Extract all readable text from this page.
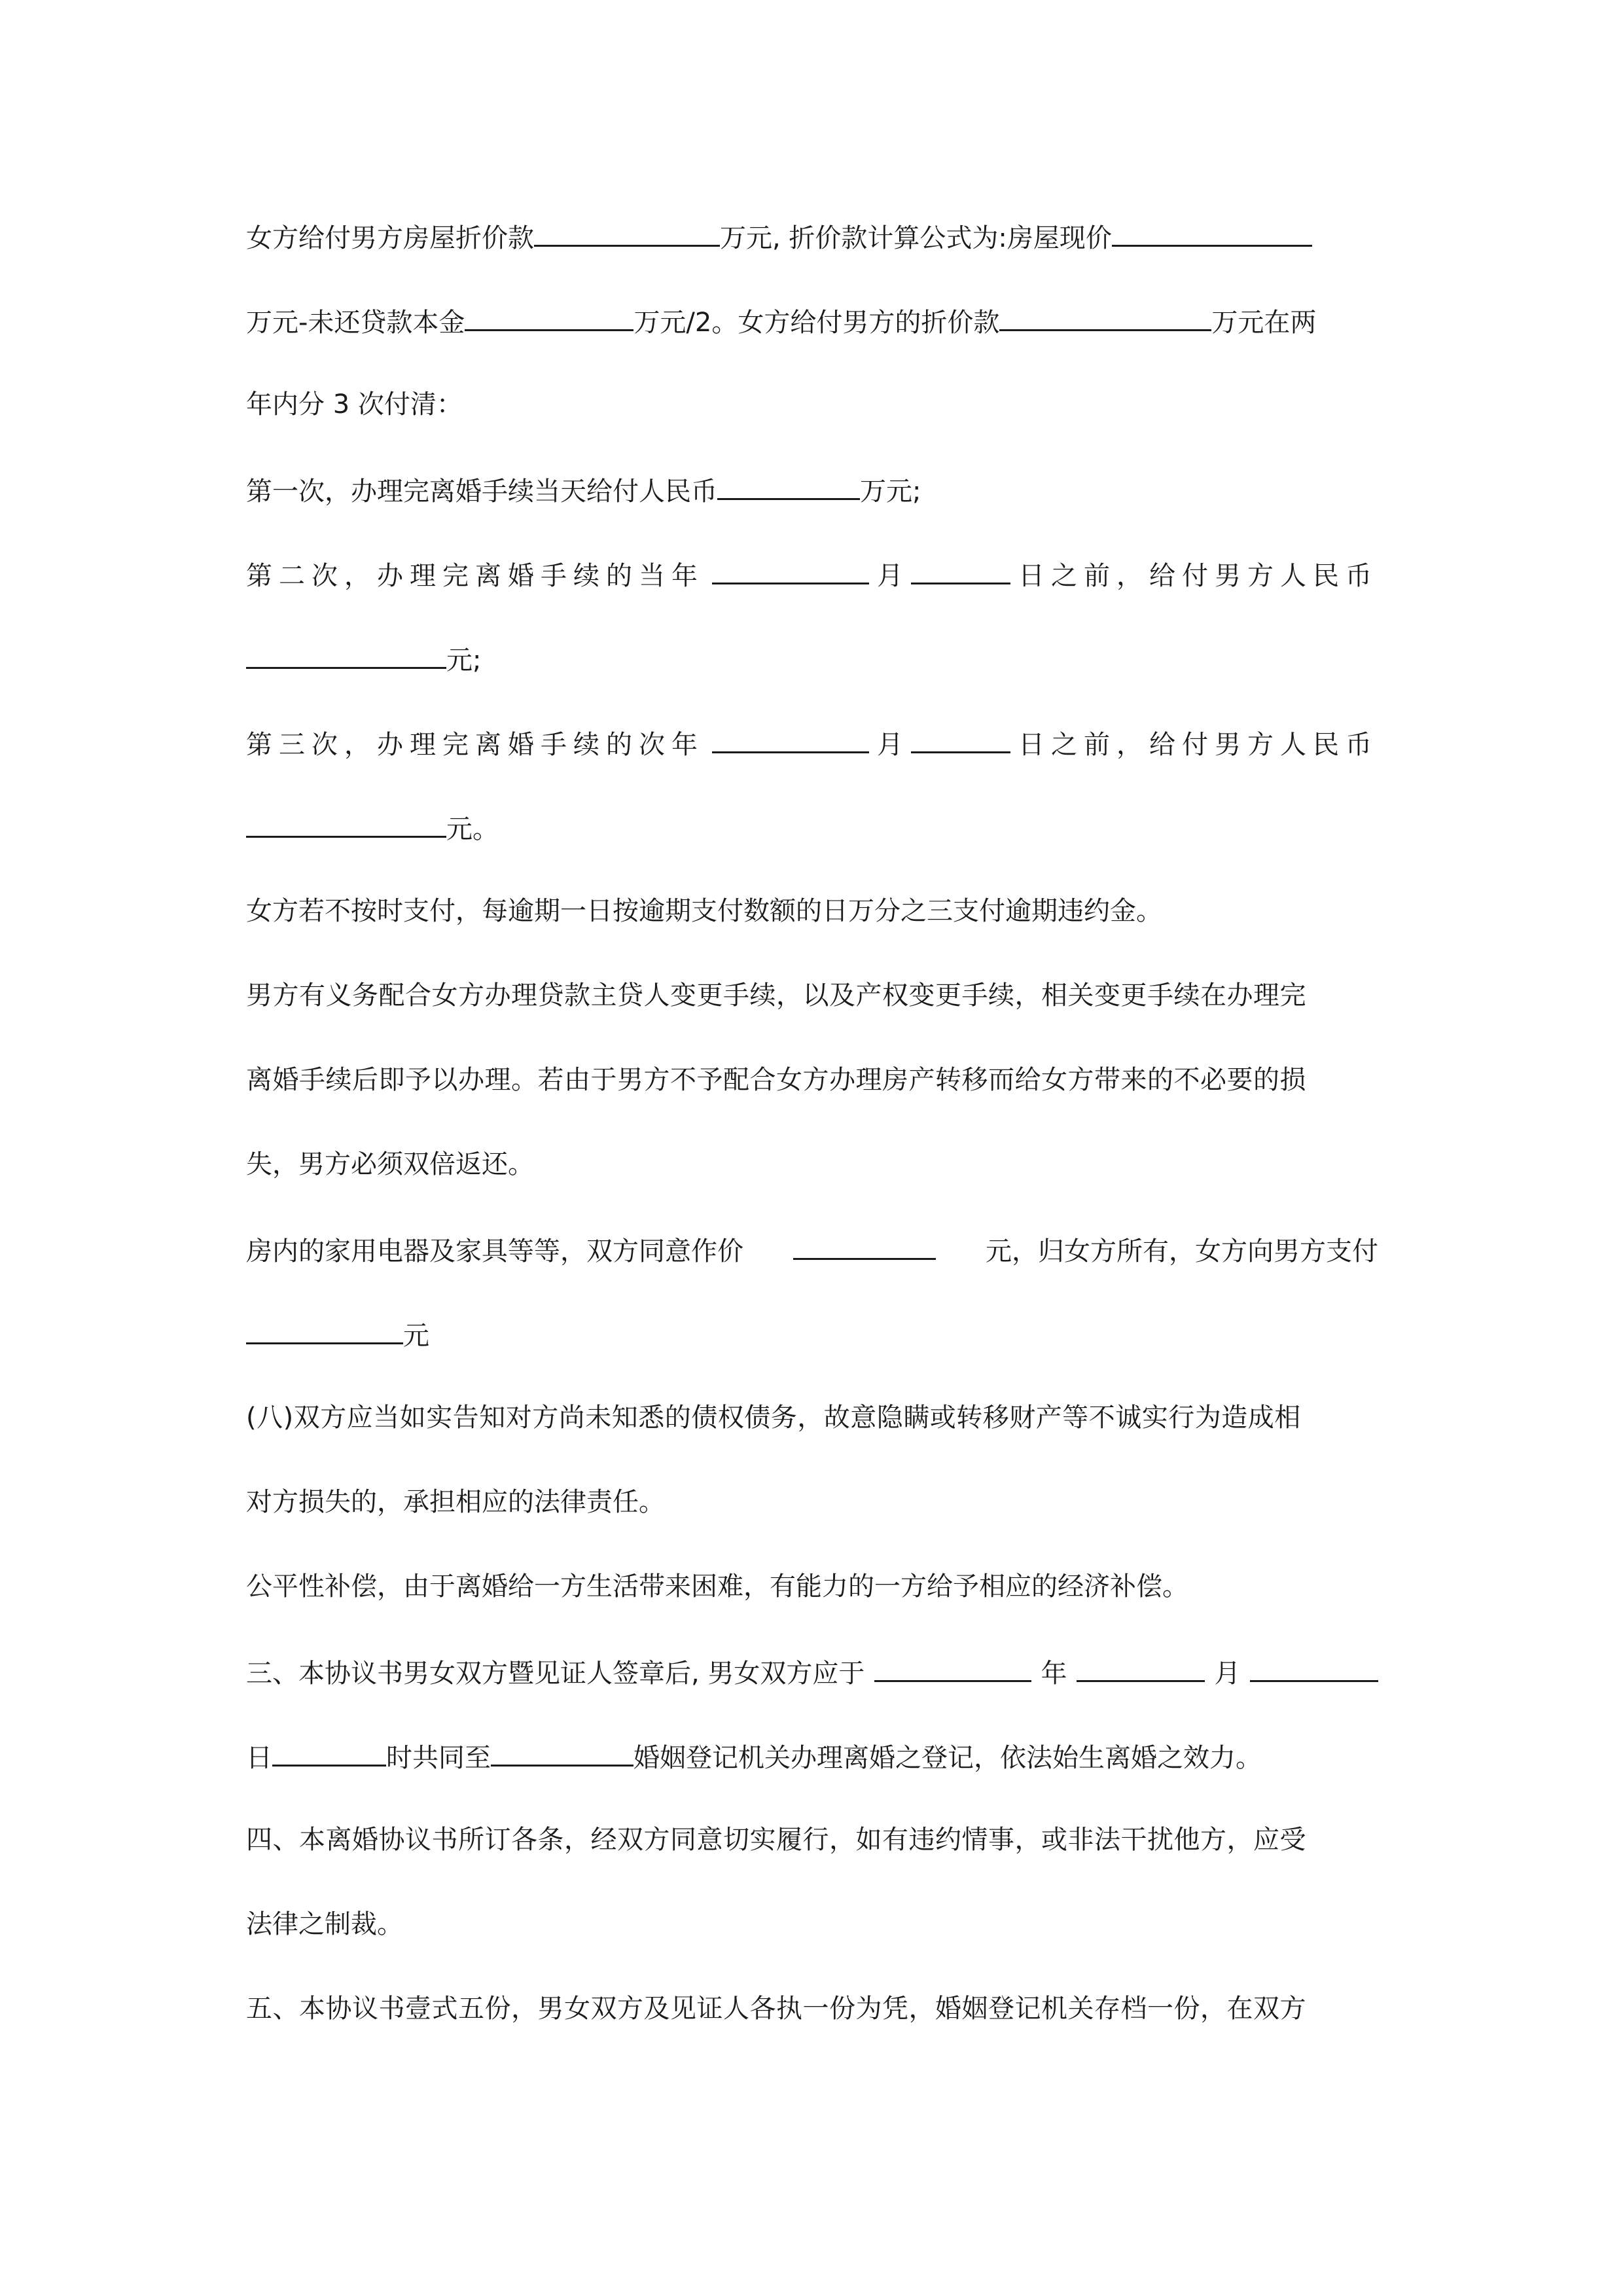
女方给付男方房屋折价款	万元, 折价款计算公式为:房屋现价
万元-未还贷款本金	万元/2。女方给付男方的折价款	万元在两
年内分 3 次付清：
第一次，办理完离婚手续当天给付人民币	万元;
第二次，办理完离婚手续的当年	月	日之前，给付男方人民币
元;
第三次，办理完离婚手续的次年	月	日之前，给付男方人民币
元。
女方若不按时支付，每逾期一日按逾期支付数额的日万分之三支付逾期违约金。
男方有义务配合女方办理贷款主贷人变更手续，以及产权变更手续，相关变更手续在办理完
离婚手续后即予以办理。若由于男方不予配合女方办理房产转移而给女方带来的不必要的损
失，男方必须双倍返还。
房内的家用电器及家具等等，双方同意作价	元，归女方所有，女方向男方支付
元
(八)双方应当如实告知对方尚未知悉的债权债务，故意隐瞒或转移财产等不诚实行为造成相
对方损失的，承担相应的法律责任。
公平性补偿，由于离婚给一方生活带来困难，有能力的一方给予相应的经济补偿。
三、本协议书男女双方暨见证人签章后, 男女双方应于	年	月
日	时共同至	婚姻登记机关办理离婚之登记，依法始生离婚之效力。
四、本离婚协议书所订各条，经双方同意切实履行，如有违约情事，或非法干扰他方，应受
法律之制裁。
五、本协议书壹式五份，男女双方及见证人各执一份为凭，婚姻登记机关存档一份，在双方
